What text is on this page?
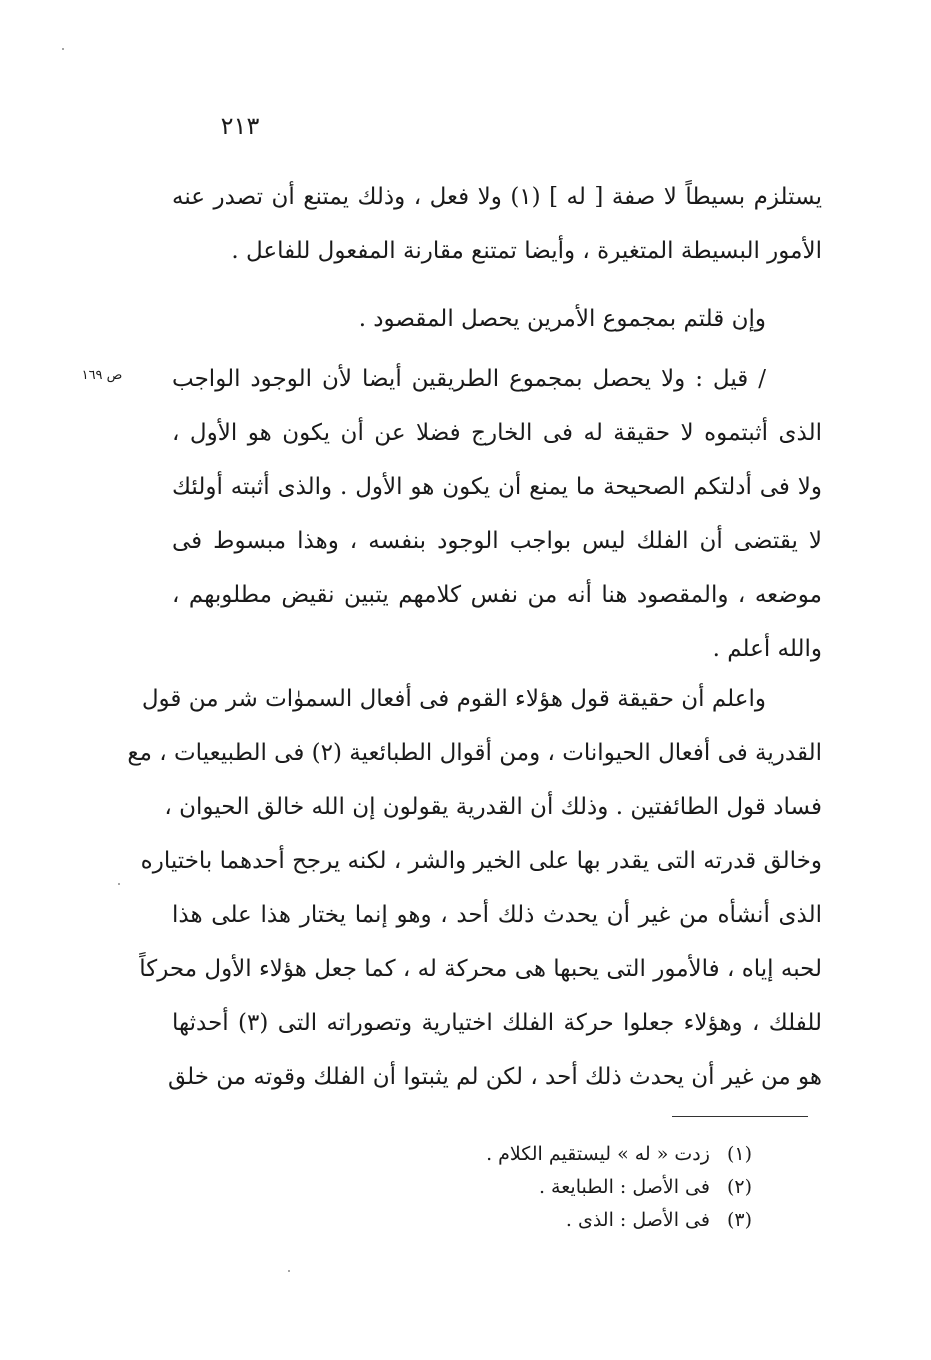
٢١٣
ص ١٦٩
يستلزم بسيطاً لا صفة [ له ] (١) ولا فعل ، وذلك يمتنع أن تصدر عنه
الأمور البسيطة المتغيرة ، وأيضا تمتنع مقارنة المفعول للفاعل .
وإن قلتم بمجموع الأمرين يحصل المقصود .
/ قيل : ولا يحصل بمجموع الطريقين أيضا لأن الوجود الواجب
الذى أثبتموه لا حقيقة له فى الخارج فضلا عن أن يكون هو الأول ،
ولا فى أدلتكم الصحيحة ما يمنع أن يكون هو الأول . والذى أثبته أولئك
لا يقتضى أن الفلك ليس بواجب الوجود بنفسه ، وهذا مبسوط فى
موضعه ، والمقصود هنا أنه من نفس كلامهم يتبين نقيض مطلوبهم ،
والله أعلم .
واعلم أن حقيقة قول هؤلاء القوم فى أفعال السموٰات شر من قول
القدرية فى أفعال الحيوانات ، ومن أقوال الطبائعية (٢) فى الطبيعيات ، مع
فساد قول الطائفتين . وذلك أن القدرية يقولون إن الله خالق الحيوان ،
وخالق قدرته التى يقدر بها على الخير والشر ، لكنه يرجح أحدهما باختياره
الذى أنشأه من غير أن يحدث ذلك أحد ، وهو إنما يختار هذا على هذا
لحبه إياه ، فالأمور التى يحبها هى محركة له ، كما جعل هؤلاء الأول محركاً
للفلك ، وهؤلاء جعلوا حركة الفلك اختيارية وتصوراته التى (٣) أحدثها
هو من غير أن يحدث ذلك أحد ، لكن لم يثبتوا أن الفلك وقوته من خلق
(١) زدت « له » ليستقيم الكلام .
(٢) فى الأصل : الطبايعة .
(٣) فى الأصل : الذى .
